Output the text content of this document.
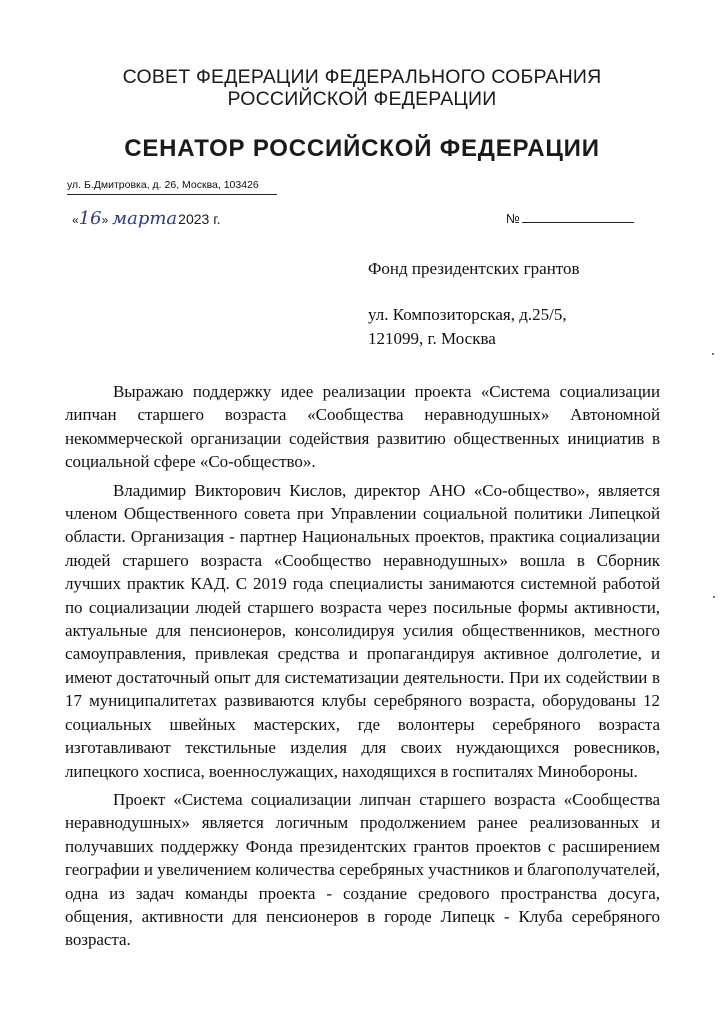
СОВЕТ ФЕДЕРАЦИИ ФЕДЕРАЛЬНОГО СОБРАНИЯ
РОССИЙСКОЙ ФЕДЕРАЦИИ
СЕНАТОР РОССИЙСКОЙ ФЕДЕРАЦИИ
ул. Б.Дмитровка, д. 26, Москва, 103426
«16» марта2023 г.	№
Фонд президентских грантов
ул. Композиторская, д.25/5,
121099, г. Москва

Выражаю поддержку идее реализации проекта «Система социализации липчан старшего возраста «Сообщества неравнодушных» Автономной некоммерческой организации содействия развитию общественных инициатив в социальной сфере «Со-общество».

Владимир Викторович Кислов, директор АНО «Со-общество», является членом Общественного совета при Управлении социальной политики Липецкой области. Организация - партнер Национальных проектов, практика социализации людей старшего возраста «Сообщество неравнодушных» вошла в Сборник лучших практик КАД. С 2019 года специалисты занимаются системной работой по социализации людей старшего возраста через посильные формы активности, актуальные для пенсионеров, консолидируя усилия общественников, местного самоуправления, привлекая средства и пропагандируя активное долголетие, и имеют достаточный опыт для систематизации деятельности. При их содействии в 17 муниципалитетах развиваются клубы серебряного возраста, оборудованы 12 социальных швейных мастерских, где волонтеры серебряного возраста изготавливают текстильные изделия для своих нуждающихся ровесников, липецкого хосписа, военнослужащих, находящихся в госпиталях Минобороны.

Проект «Система социализации липчан старшего возраста «Сообщества неравнодушных» является логичным продолжением ранее реализованных и получавших поддержку Фонда президентских грантов проектов с расширением географии и увеличением количества серебряных участников и благополучателей, одна из задач команды проекта - создание средового пространства досуга, общения, активности для пенсионеров в городе Липецк - Клуба серебряного возраста.
